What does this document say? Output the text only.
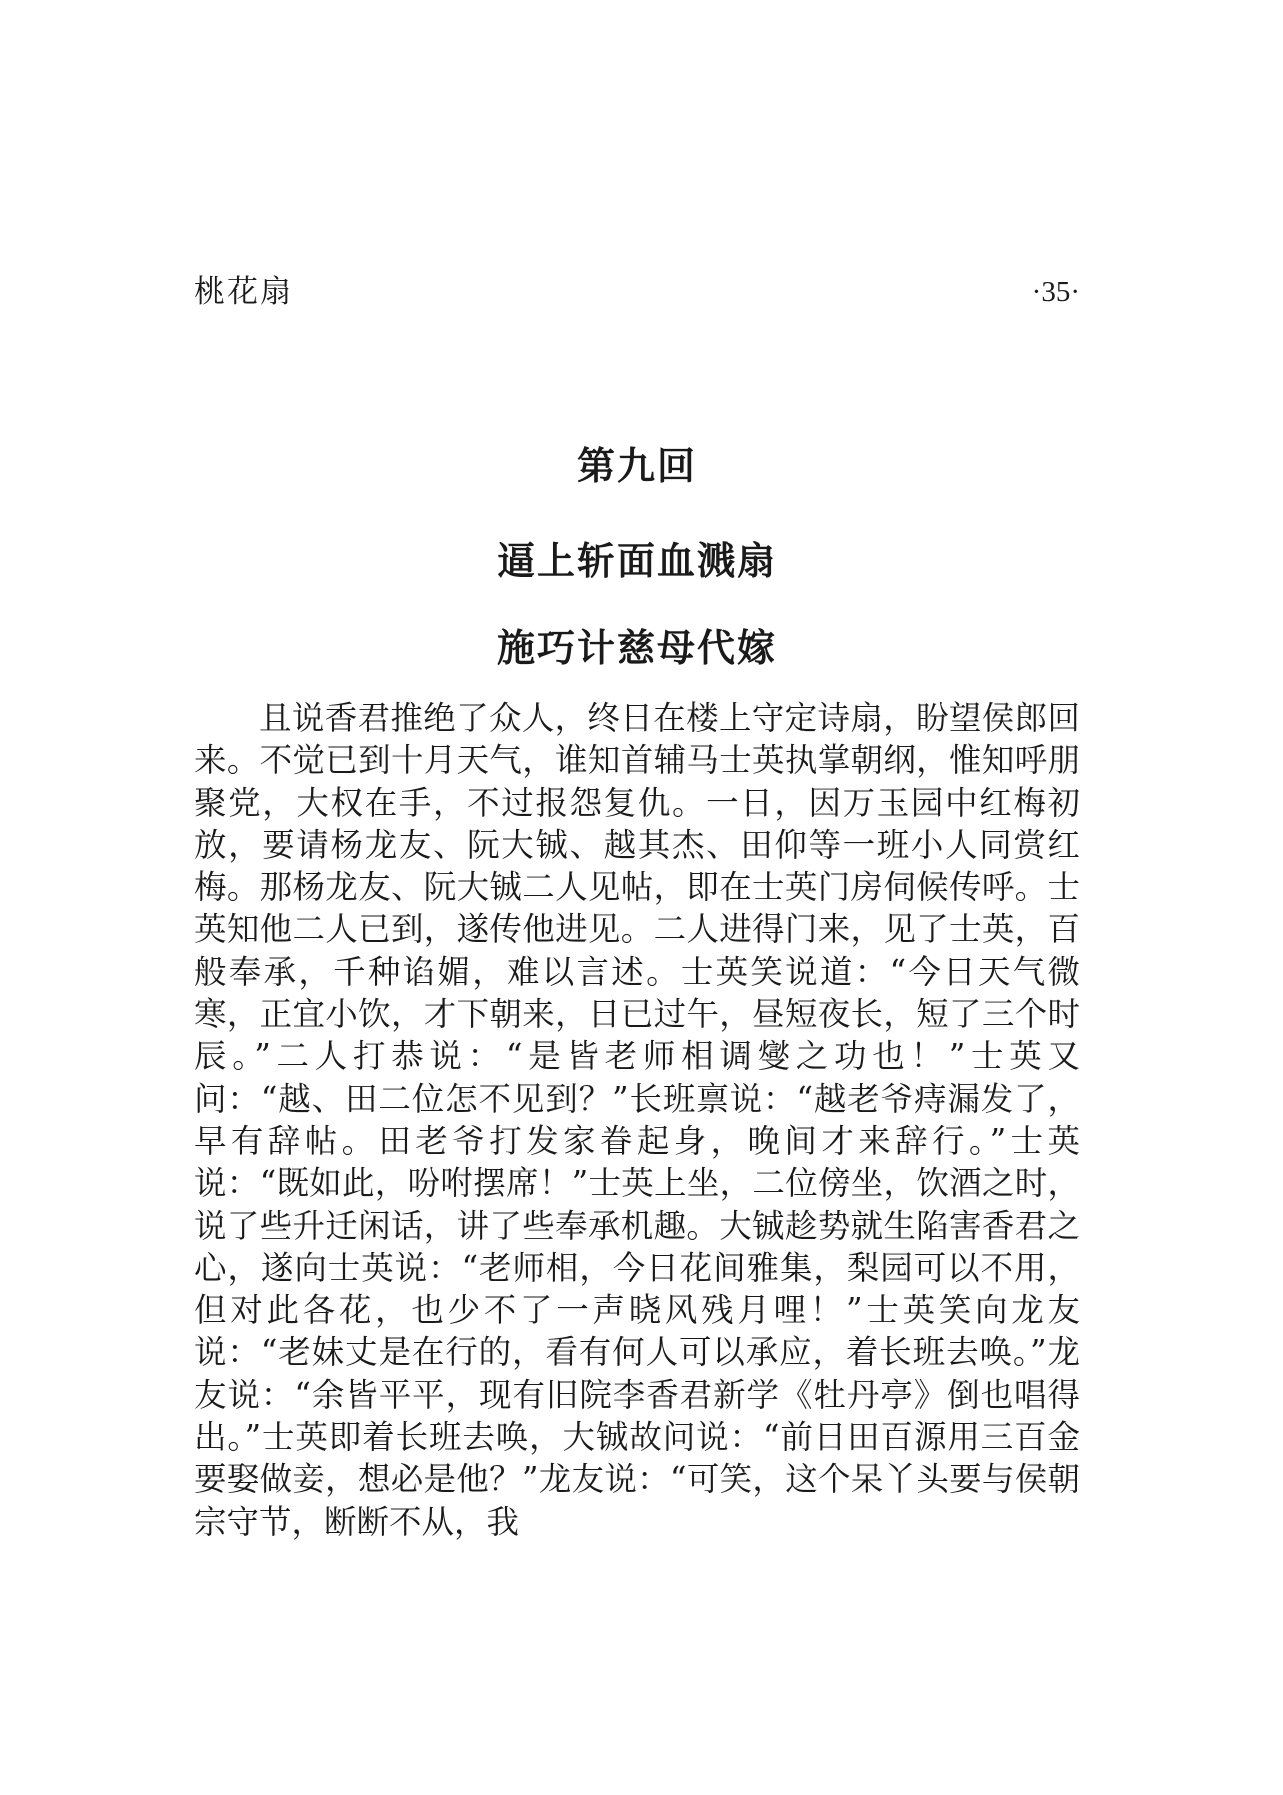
桃花扇	·35·
第九回
逼上斩面血溅扇
施巧计慈母代嫁

且说香君推绝了众人，终日在楼上守定诗扇，盼望侯郎回来。不觉已到十月天气，谁知首辅马士英执掌朝纲，惟知呼朋聚党，大权在手，不过报怨复仇。一日，因万玉园中红梅初放，要请杨龙友、阮大铖、越其杰、田仰等一班小人同赏红梅。那杨龙友、阮大铖二人见帖，即在士英门房伺候传呼。士英知他二人已到，遂传他进见。二人进得门来，见了士英，百般奉承，千种谄媚，难以言述。士英笑说道：“今日天气微寒，正宜小饮，才下朝来，日已过午，昼短夜长，短了三个时辰。”二人打恭说：“是皆老师相调燮之功也！”士英又问：“越、田二位怎不见到？”长班禀说：“越老爷痔漏发了，早有辞帖。田老爷打发家眷起身，晚间才来辞行。”士英说：“既如此，吩咐摆席！”士英上坐，二位傍坐，饮酒之时，说了些升迁闲话，讲了些奉承机趣。大铖趁势就生陷害香君之心，遂向士英说：“老师相，今日花间雅集，梨园可以不用，但对此各花，也少不了一声晓风残月哩！”士英笑向龙友说：“老妹丈是在行的，看有何人可以承应，着长班去唤。”龙友说：“余皆平平，现有旧院李香君新学《牡丹亭》倒也唱得出。”士英即着长班去唤，大铖故问说：“前日田百源用三百金要娶做妾，想必是他？”龙友说：“可笑，这个呆丫头要与侯朝宗守节，断断不从，我
